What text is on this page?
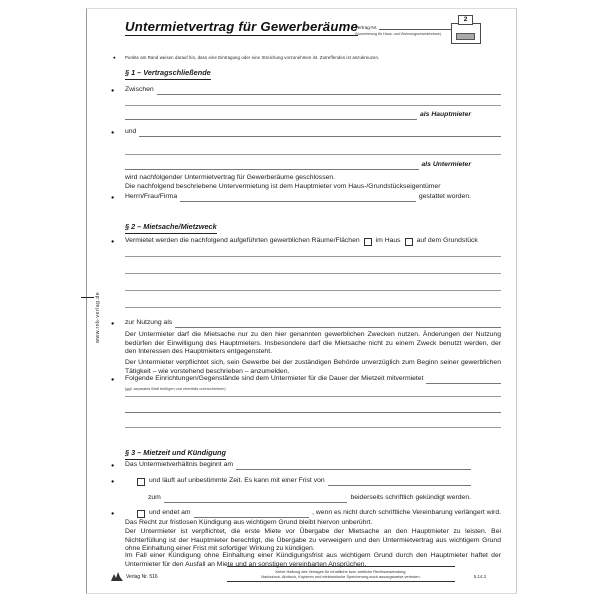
www.rnk-verlag.de
Untermietvertrag für Gewerberäume
Vertrag-Nr.
(Numerierung für Haus- und Wohnungsverzeichnisse)
2
● Punkte am Rand weisen darauf hin, dass eine Eintragung oder eine Streichung vorzunehmen ist. Zutreffendes ist anzukreuzen.
§ 1 – Vertragschließende
● Zwischen
als Hauptmieter
● und
als Untermieter
wird nachfolgender Untermietvertrag für Gewerberäume geschlossen.
Die nachfolgend beschriebene Untervermietung ist dem Hauptmieter vom Haus-/Grundstückseigentümer
● Herrn/Frau/Firma	gestattet worden.
§ 2 – Mietsache/Mietzweck
● Vermietet werden die nachfolgend aufgeführten gewerblichen Räume/Flächen im Haus auf dem Grundstück
● zur Nutzung als
Der Untermieter darf die Mietsache nur zu den hier genannten gewerblichen Zwecken nutzen. Änderungen der Nutzung bedürfen der Einwilligung des Hauptmieters. Insbesondere darf die Mietsache nicht zu einem Zweck benutzt werden, der den Interessen des Hauptmieters entgegensteht.
Der Untermieter verpflichtet sich, sein Gewerbe bei der zuständigen Behörde unverzüglich zum Beginn seiner gewerblichen Tätigkeit – wie vorstehend beschrieben – anzumelden.
● Folgende Einrichtungen/Gegenstände sind dem Untermieter für die Dauer der Mietzeit mitvermietet
(ggf. separates Blatt beifügen und ebenfalls unterschreiben)
§ 3 – Mietzeit und Kündigung
● Das Untermietverhältnis beginnt am
●	und läuft auf unbestimmte Zeit. Es kann mit einer Frist von
zum	beiderseits schriftlich gekündigt werden.
●	und endet am	, wenn es nicht durch schriftliche Vereinbarung verlängert wird.
Das Recht zur fristlosen Kündigung aus wichtigem Grund bleibt hiervon unberührt.
Der Untermieter ist verpflichtet, die erste Miete vor Übergabe der Mietsache an den Hauptmieter zu leisten. Bei Nichterfüllung ist der Hauptmieter berechtigt, die Übergabe zu verweigern und den Untermietvertrag aus wichtigem Grund ohne Einhaltung einer Frist mit sofortiger Wirkung zu kündigen.
Im Fall einer Kündigung ohne Einhaltung einer Kündigungsfrist aus wichtigem Grund durch den Hauptmieter haftet der Untermieter für den Ausfall an Miete und an sonstigen vereinbarten Ansprüchen.
Verlag Nr. 516
Keine Haftung des Verlages für inhaltliche bzw. amtliche Rechtsanwendung.
Nachdruck, Abdruck, Kopieren und elektronische Speicherung auch auszugsweise verboten.	5.14.3
